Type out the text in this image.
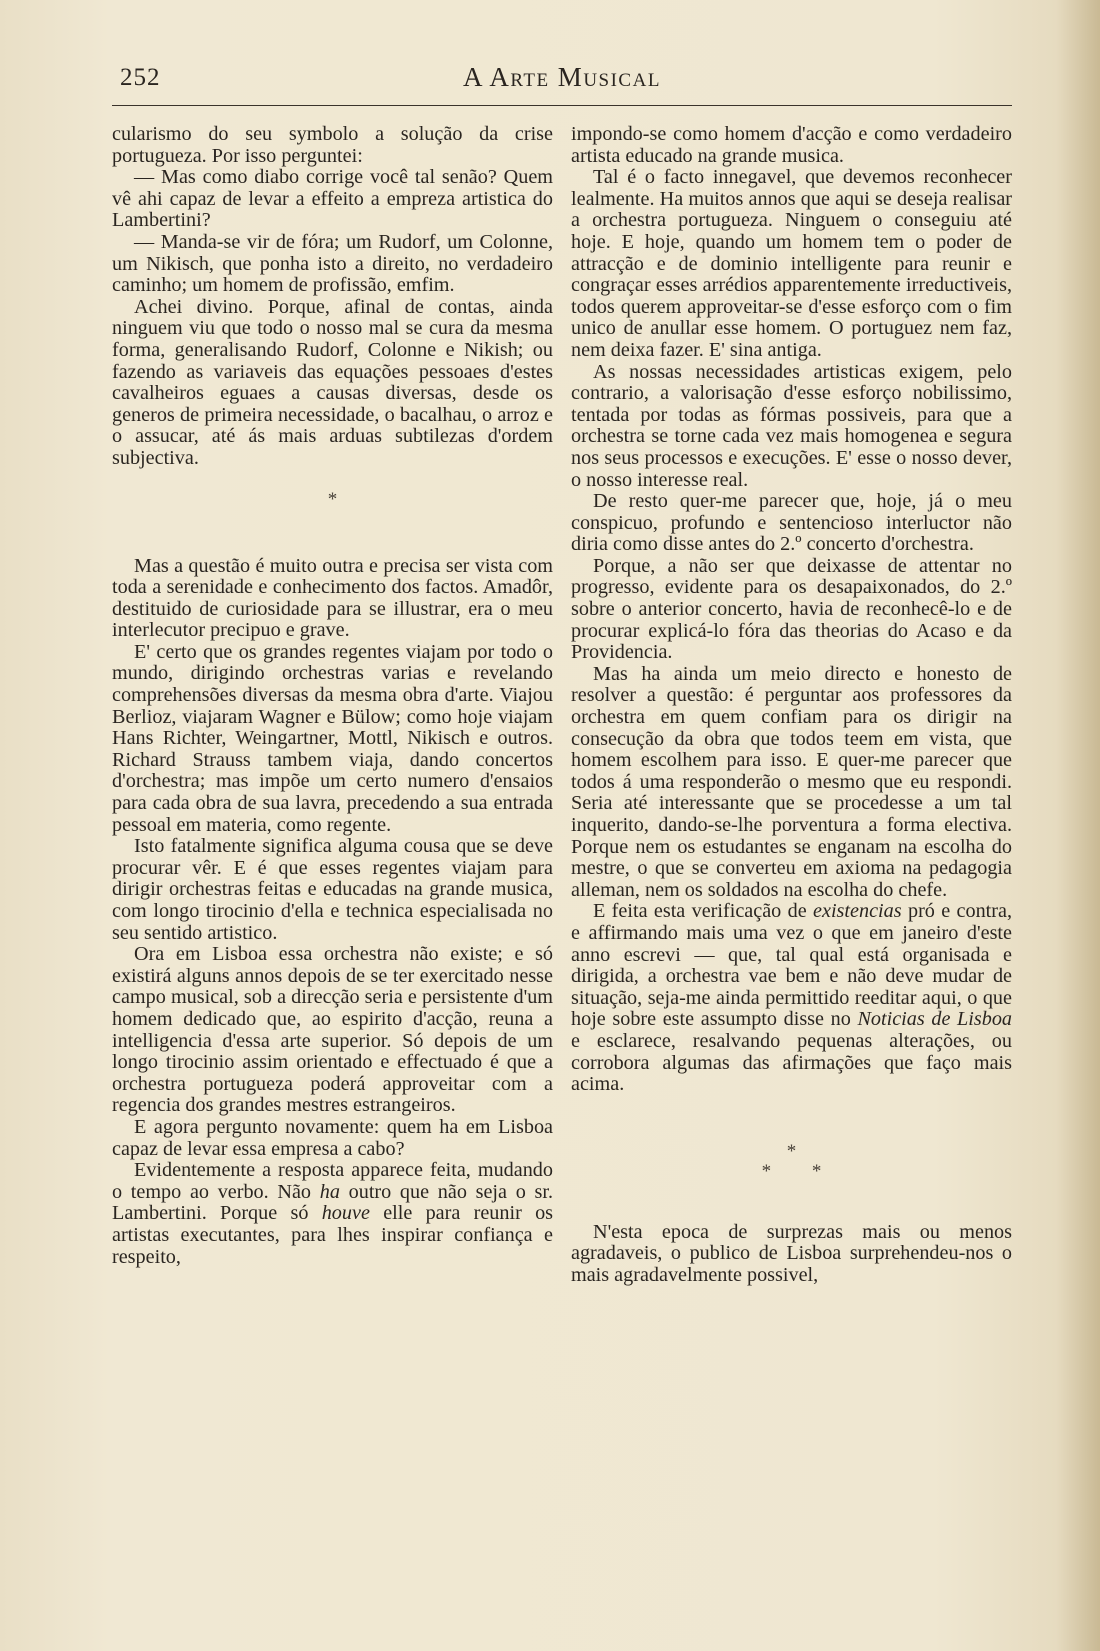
252	A Arte Musical

cularismo do seu symbolo a solução da crise portugueza. Por isso perguntei:

— Mas como diabo corrige você tal senão? Quem vê ahi capaz de levar a effeito a empreza artistica do Lambertini?

— Manda-se vir de fóra; um Rudorf, um Colonne, um Nikisch, que ponha isto a direito, no verdadeiro caminho; um homem de profissão, emfim.

Achei divino. Porque, afinal de contas, ainda ninguem viu que todo o nosso mal se cura da mesma forma, generalisando Rudorf, Colonne e Nikish; ou fazendo as variaveis das equações pessoaes d'estes cavalheiros eguaes a causas diversas, desde os generos de primeira necessidade, o bacalhau, o arroz e o assucar, até ás mais arduas subtilezas d'ordem subjectiva.

*

Mas a questão é muito outra e precisa ser vista com toda a serenidade e conhecimento dos factos. Amadôr, destituido de curiosidade para se illustrar, era o meu interlecutor precipuo e grave.

E' certo que os grandes regentes viajam por todo o mundo, dirigindo orchestras varias e revelando comprehensões diversas da mesma obra d'arte. Viajou Berlioz, viajaram Wagner e Bülow; como hoje viajam Hans Richter, Weingartner, Mottl, Nikisch e outros. Richard Strauss tambem viaja, dando concertos d'orchestra; mas impõe um certo numero d'ensaios para cada obra de sua lavra, precedendo a sua entrada pessoal em materia, como regente.

Isto fatalmente significa alguma cousa que se deve procurar vêr. E é que esses regentes viajam para dirigir orchestras feitas e educadas na grande musica, com longo tirocinio d'ella e technica especialisada no seu sentido artistico.

Ora em Lisboa essa orchestra não existe; e só existirá alguns annos depois de se ter exercitado nesse campo musical, sob a direcção seria e persistente d'um homem dedicado que, ao espirito d'acção, reuna a intelligencia d'essa arte superior. Só depois de um longo tirocinio assim orientado e effectuado é que a orchestra portugueza poderá approveitar com a regencia dos grandes mestres estrangeiros.

E agora pergunto novamente: quem ha em Lisboa capaz de levar essa empresa a cabo?

Evidentemente a resposta apparece feita, mudando o tempo ao verbo. Não ha outro que não seja o sr. Lambertini. Porque só houve elle para reunir os artistas executantes, para lhes inspirar confiança e respeito,

impondo-se como homem d'acção e como verdadeiro artista educado na grande musica.

Tal é o facto innegavel, que devemos reconhecer lealmente. Ha muitos annos que aqui se deseja realisar a orchestra portugueza. Ninguem o conseguiu até hoje. E hoje, quando um homem tem o poder de attracção e de dominio intelligente para reunir e congraçar esses arrédios apparentemente irreductiveis, todos querem approveitar-se d'esse esforço com o fim unico de anullar esse homem. O portuguez nem faz, nem deixa fazer. E' sina antiga.

As nossas necessidades artisticas exigem, pelo contrario, a valorisação d'esse esforço nobilissimo, tentada por todas as fórmas possiveis, para que a orchestra se torne cada vez mais homogenea e segura nos seus processos e execuções. E' esse o nosso dever, o nosso interesse real.

De resto quer-me parecer que, hoje, já o meu conspicuo, profundo e sentencioso interluctor não diria como disse antes do 2.º concerto d'orchestra.

Porque, a não ser que deixasse de attentar no progresso, evidente para os desapaixonados, do 2.º sobre o anterior concerto, havia de reconhecê-lo e de procurar explicá-lo fóra das theorias do Acaso e da Providencia.

Mas ha ainda um meio directo e honesto de resolver a questão: é perguntar aos professores da orchestra em quem confiam para os dirigir na consecução da obra que todos teem em vista, que homem escolhem para isso. E quer-me parecer que todos á uma responderão o mesmo que eu respondi. Seria até interessante que se procedesse a um tal inquerito, dando-se-lhe porventura a forma electiva. Porque nem os estudantes se enganam na escolha do mestre, o que se converteu em axioma na pedagogia alleman, nem os soldados na escolha do chefe.

E feita esta verificação de existencias pró e contra, e affirmando mais uma vez o que em janeiro d'este anno escrevi — que, tal qual está organisada e dirigida, a orchestra vae bem e não deve mudar de situação, seja-me ainda permittido reeditar aqui, o que hoje sobre este assumpto disse no Noticias de Lisboa e esclarece, resalvando pequenas alterações, ou corrobora algumas das afirmações que faço mais acima.

*
* *

N'esta epoca de surprezas mais ou menos agradaveis, o publico de Lisboa surprehendeu-nos o mais agradavelmente possivel,
